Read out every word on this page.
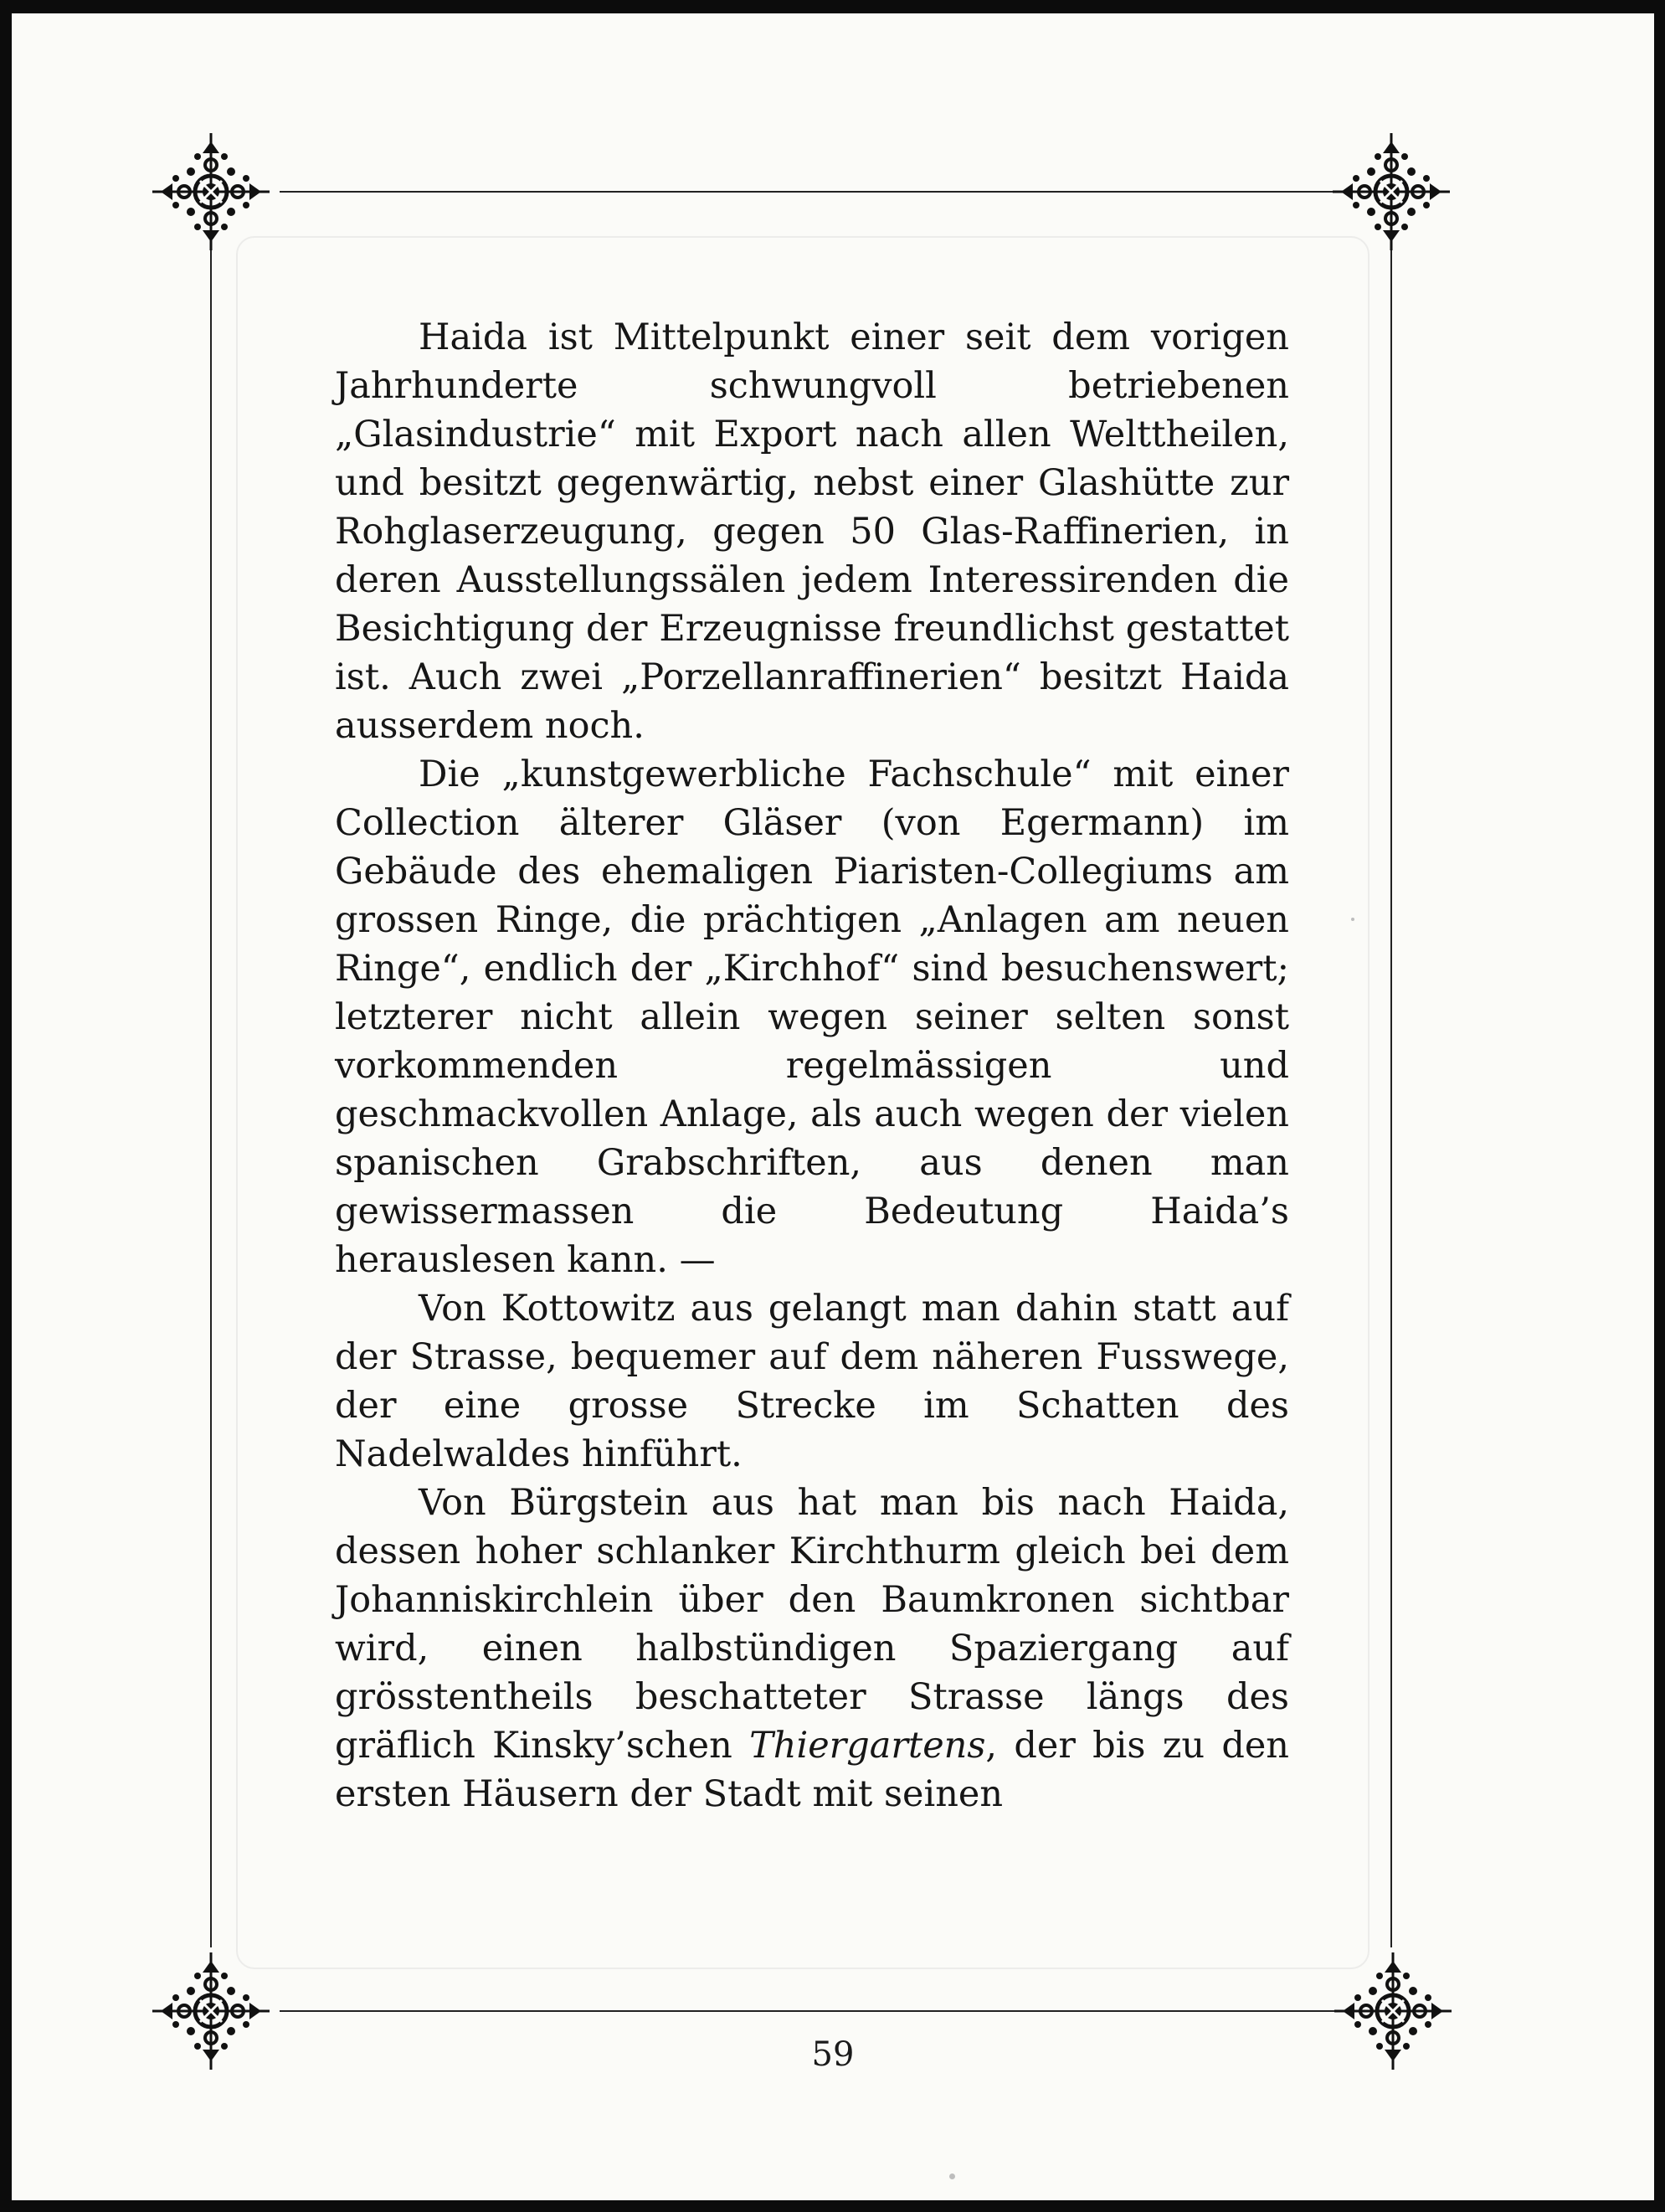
Haida ist Mittelpunkt einer seit dem vorigen Jahrhunderte schwungvoll betriebenen „Glasindustrie“ mit Export nach allen Welttheilen, und besitzt gegenwärtig, nebst einer Glashütte zur Rohglaserzeugung, gegen 50 Glas-Raffinerien, in deren Ausstellungssälen jedem Interessirenden die Besichtigung der Erzeugnisse freundlichst gestattet ist. Auch zwei „Porzellanraffinerien“ besitzt Haida ausserdem noch.

Die „kunstgewerbliche Fachschule“ mit einer Collection älterer Gläser (von Egermann) im Gebäude des ehemaligen Piaristen-Collegiums am grossen Ringe, die prächtigen „Anlagen am neuen Ringe“, endlich der „Kirchhof“ sind besuchenswert; letzterer nicht allein wegen seiner selten sonst vorkommenden regelmässigen und geschmackvollen Anlage, als auch wegen der vielen spanischen Grabschriften, aus denen man gewissermassen die Bedeutung Haida’s herauslesen kann. —

Von Kottowitz aus gelangt man dahin statt auf der Strasse, bequemer auf dem näheren Fusswege, der eine grosse Strecke im Schatten des Nadelwaldes hinführt.

Von Bürgstein aus hat man bis nach Haida, dessen hoher schlanker Kirchthurm gleich bei dem Johanniskirchlein über den Baumkronen sichtbar wird, einen halbstündigen Spaziergang auf grösstentheils beschatteter Strasse längs des gräflich Kinsky’schen Thiergartens, der bis zu den ersten Häusern der Stadt mit seinen

59
